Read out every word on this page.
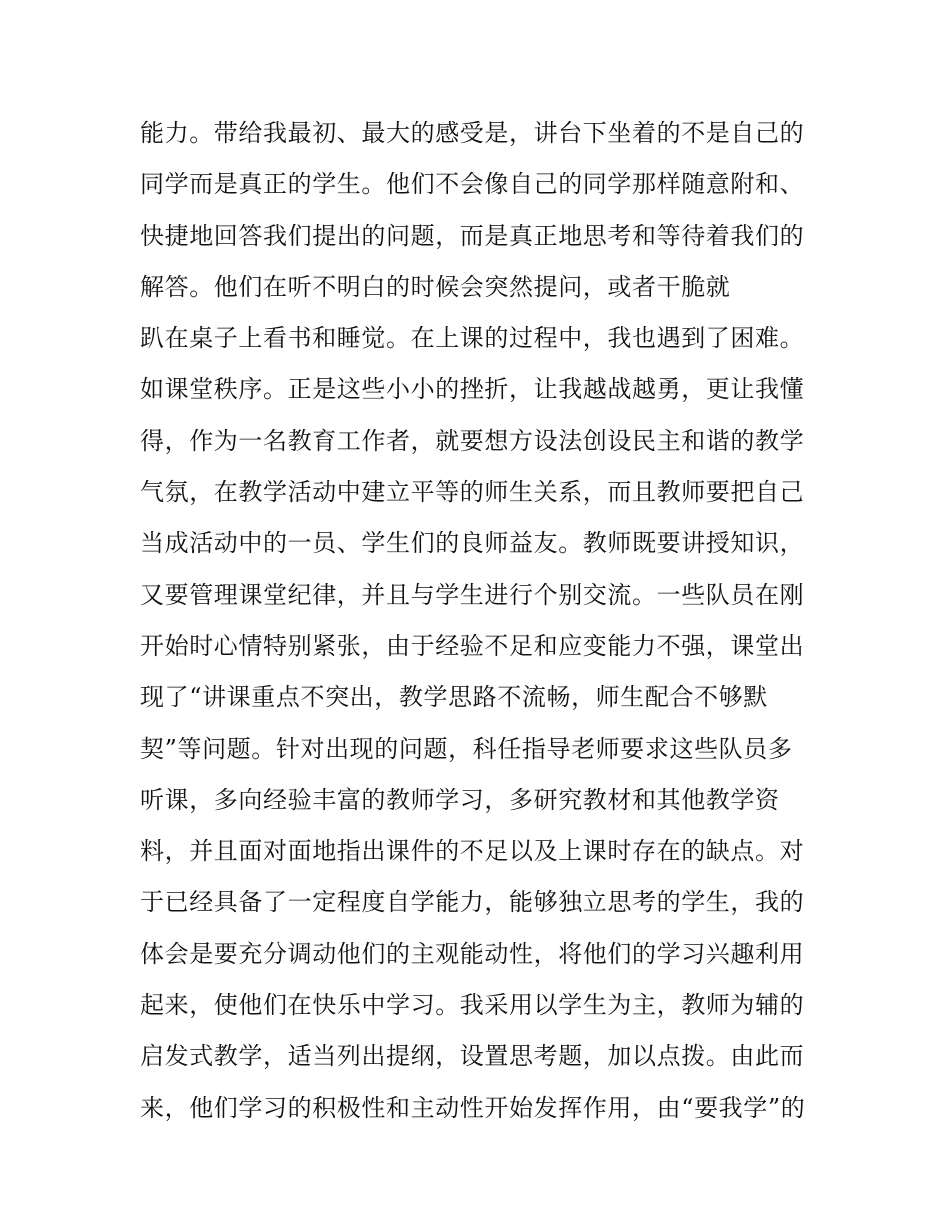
能力。带给我最初、最大的感受是，讲台下坐着的不是自己的
同学而是真正的学生。他们不会像自己的同学那样随意附和、
快捷地回答我们提出的问题，而是真正地思考和等待着我们的
解答。他们在听不明白的时候会突然提问，或者干脆就
趴在桌子上看书和睡觉。在上课的过程中，我也遇到了困难。
如课堂秩序。正是这些小小的挫折，让我越战越勇，更让我懂
得，作为一名教育工作者，就要想方设法创设民主和谐的教学
气氛，在教学活动中建立平等的师生关系，而且教师要把自己
当成活动中的一员、学生们的良师益友。教师既要讲授知识，
又要管理课堂纪律，并且与学生进行个别交流。一些队员在刚
开始时心情特别紧张，由于经验不足和应变能力不强，课堂出
现了“讲课重点不突出，教学思路不流畅，师生配合不够默
契”等问题。针对出现的问题，科任指导老师要求这些队员多
听课，多向经验丰富的教师学习，多研究教材和其他教学资
料，并且面对面地指出课件的不足以及上课时存在的缺点。对
于已经具备了一定程度自学能力，能够独立思考的学生，我的
体会是要充分调动他们的主观能动性，将他们的学习兴趣利用
起来，使他们在快乐中学习。我采用以学生为主，教师为辅的
启发式教学，适当列出提纲，设置思考题，加以点拨。由此而
来，他们学习的积极性和主动性开始发挥作用，由“要我学”的
